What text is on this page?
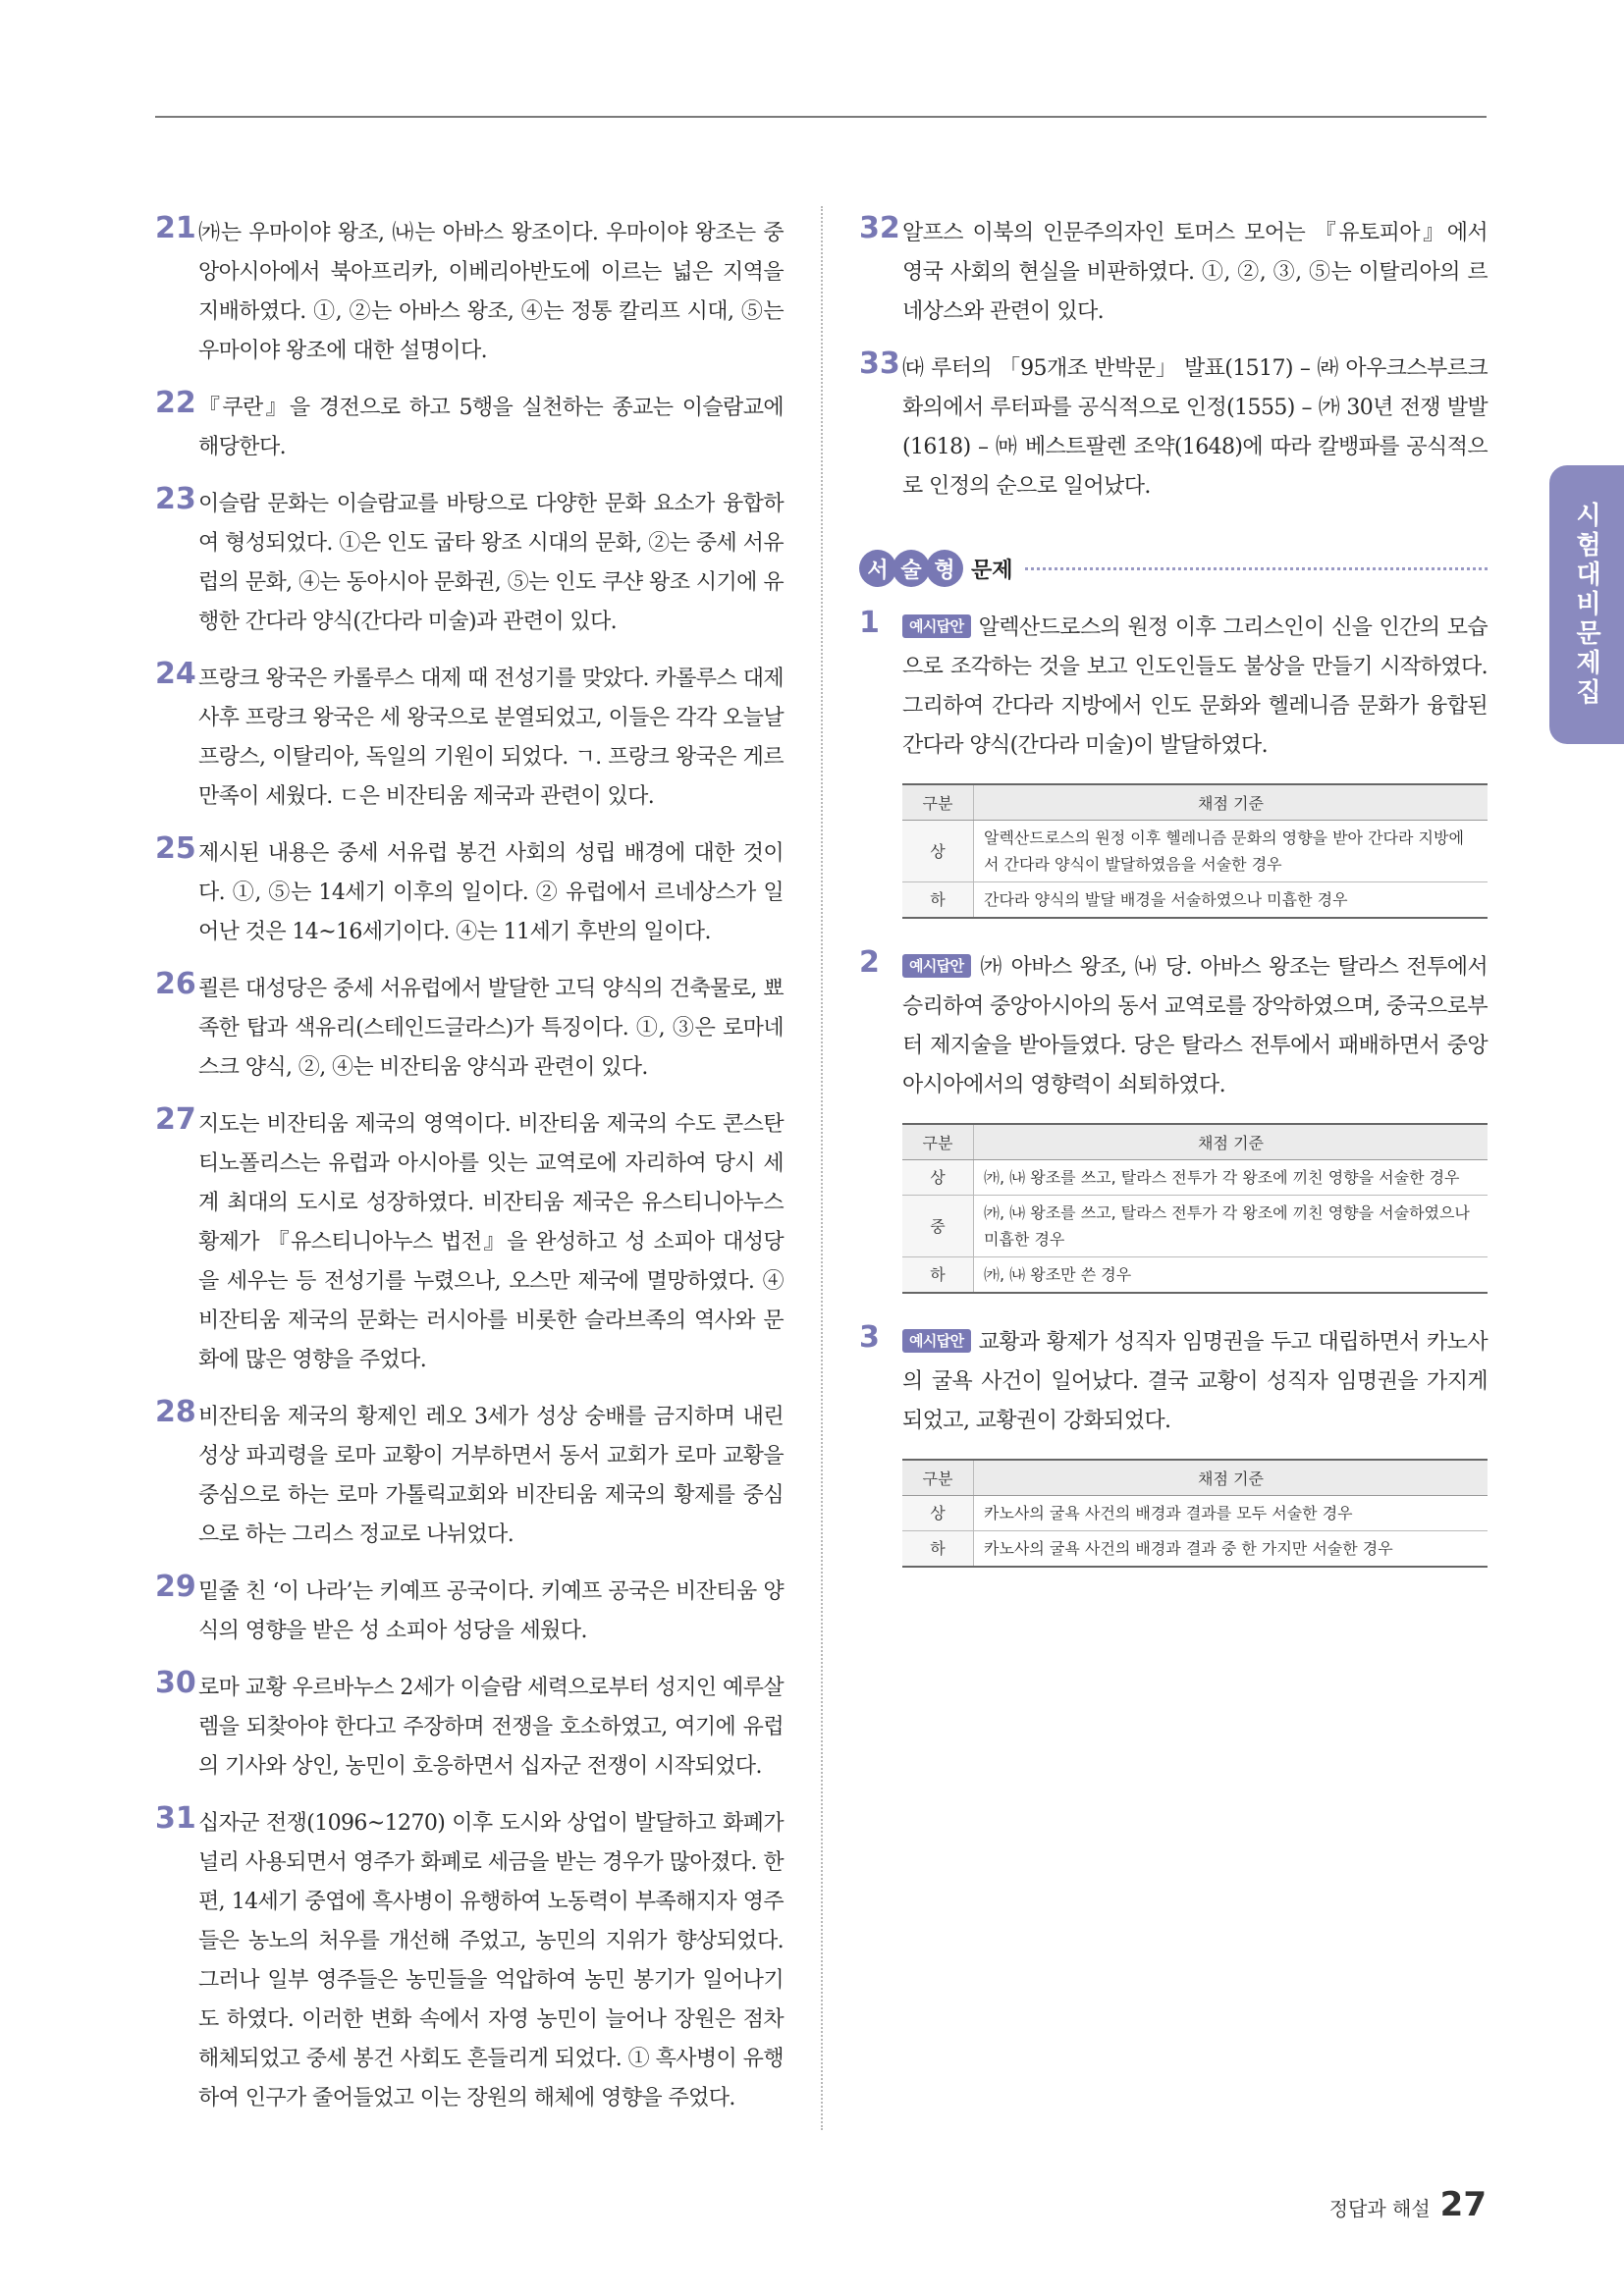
21 ㈎는 우마이야 왕조, ㈏는 아바스 왕조이다. 우마이야 왕조는 중앙아시아에서 북아프리카, 이베리아반도에 이르는 넓은 지역을 지배하였다. ①, ②는 아바스 왕조, ④는 정통 칼리프 시대, ⑤는 우마이야 왕조에 대한 설명이다.
22 『쿠란』을 경전으로 하고 5행을 실천하는 종교는 이슬람교에 해당한다.
23 이슬람 문화는 이슬람교를 바탕으로 다양한 문화 요소가 융합하여 형성되었다. ①은 인도 굽타 왕조 시대의 문화, ②는 중세 서유럽의 문화, ④는 동아시아 문화권, ⑤는 인도 쿠샨 왕조 시기에 유행한 간다라 양식(간다라 미술)과 관련이 있다.
24 프랑크 왕국은 카롤루스 대제 때 전성기를 맞았다. 카롤루스 대제 사후 프랑크 왕국은 세 왕국으로 분열되었고, 이들은 각각 오늘날 프랑스, 이탈리아, 독일의 기원이 되었다. ㄱ. 프랑크 왕국은 게르만족이 세웠다. ㄷ은 비잔티움 제국과 관련이 있다.
25 제시된 내용은 중세 서유럽 봉건 사회의 성립 배경에 대한 것이다. ①, ⑤는 14세기 이후의 일이다. ② 유럽에서 르네상스가 일어난 것은 14~16세기이다. ④는 11세기 후반의 일이다.
26 쾰른 대성당은 중세 서유럽에서 발달한 고딕 양식의 건축물로, 뾰족한 탑과 색유리(스테인드글라스)가 특징이다. ①, ③은 로마네스크 양식, ②, ④는 비잔티움 양식과 관련이 있다.
27 지도는 비잔티움 제국의 영역이다. 비잔티움 제국의 수도 콘스탄티노폴리스는 유럽과 아시아를 잇는 교역로에 자리하여 당시 세계 최대의 도시로 성장하였다. 비잔티움 제국은 유스티니아누스 황제가 『유스티니아누스 법전』을 완성하고 성 소피아 대성당을 세우는 등 전성기를 누렸으나, 오스만 제국에 멸망하였다. ④ 비잔티움 제국의 문화는 러시아를 비롯한 슬라브족의 역사와 문화에 많은 영향을 주었다.
28 비잔티움 제국의 황제인 레오 3세가 성상 숭배를 금지하며 내린 성상 파괴령을 로마 교황이 거부하면서 동서 교회가 로마 교황을 중심으로 하는 로마 가톨릭교회와 비잔티움 제국의 황제를 중심으로 하는 그리스 정교로 나뉘었다.
29 밑줄 친 ‘이 나라’는 키예프 공국이다. 키예프 공국은 비잔티움 양식의 영향을 받은 성 소피아 성당을 세웠다.
30 로마 교황 우르바누스 2세가 이슬람 세력으로부터 성지인 예루살렘을 되찾아야 한다고 주장하며 전쟁을 호소하였고, 여기에 유럽의 기사와 상인, 농민이 호응하면서 십자군 전쟁이 시작되었다.
31 십자군 전쟁(1096~1270) 이후 도시와 상업이 발달하고 화폐가 널리 사용되면서 영주가 화폐로 세금을 받는 경우가 많아졌다. 한편, 14세기 중엽에 흑사병이 유행하여 노동력이 부족해지자 영주들은 농노의 처우를 개선해 주었고, 농민의 지위가 향상되었다. 그러나 일부 영주들은 농민들을 억압하여 농민 봉기가 일어나기도 하였다. 이러한 변화 속에서 자영 농민이 늘어나 장원은 점차 해체되었고 중세 봉건 사회도 흔들리게 되었다. ① 흑사병이 유행하여 인구가 줄어들었고 이는 장원의 해체에 영향을 주었다.
32 알프스 이북의 인문주의자인 토머스 모어는 『유토피아』에서 영국 사회의 현실을 비판하였다. ①, ②, ③, ⑤는 이탈리아의 르네상스와 관련이 있다.
33 ㈐ 루터의 「95개조 반박문」 발표(1517) – ㈑ 아우크스부르크 화의에서 루터파를 공식적으로 인정(1555) – ㈎ 30년 전쟁 발발(1618) – ㈒ 베스트팔렌 조약(1648)에 따라 칼뱅파를 공식적으로 인정의 순으로 일어났다.
서 술 형 문제
1	예시답안 알렉산드로스의 원정 이후 그리스인이 신을 인간의 모습으로 조각하는 것을 보고 인도인들도 불상을 만들기 시작하였다. 그리하여 간다라 지방에서 인도 문화와 헬레니즘 문화가 융합된 간다라 양식(간다라 미술)이 발달하였다.
구분	채점 기준
상	알렉산드로스의 원정 이후 헬레니즘 문화의 영향을 받아 간다라 지방에서 간다라 양식이 발달하였음을 서술한 경우
하	간다라 양식의 발달 배경을 서술하였으나 미흡한 경우
2	예시답안 ㈎ 아바스 왕조, ㈏ 당. 아바스 왕조는 탈라스 전투에서 승리하여 중앙아시아의 동서 교역로를 장악하였으며, 중국으로부터 제지술을 받아들였다. 당은 탈라스 전투에서 패배하면서 중앙아시아에서의 영향력이 쇠퇴하였다.
구분	채점 기준
상	㈎, ㈏ 왕조를 쓰고, 탈라스 전투가 각 왕조에 끼친 영향을 서술한 경우
중	㈎, ㈏ 왕조를 쓰고, 탈라스 전투가 각 왕조에 끼친 영향을 서술하였으나 미흡한 경우
하	㈎, ㈏ 왕조만 쓴 경우
3	예시답안 교황과 황제가 성직자 임명권을 두고 대립하면서 카노사의 굴욕 사건이 일어났다. 결국 교황이 성직자 임명권을 가지게 되었고, 교황권이 강화되었다.
구분	채점 기준
상	카노사의 굴욕 사건의 배경과 결과를 모두 서술한 경우
하	카노사의 굴욕 사건의 배경과 결과 중 한 가지만 서술한 경우
시험대비문제집
정답과 해설 27
